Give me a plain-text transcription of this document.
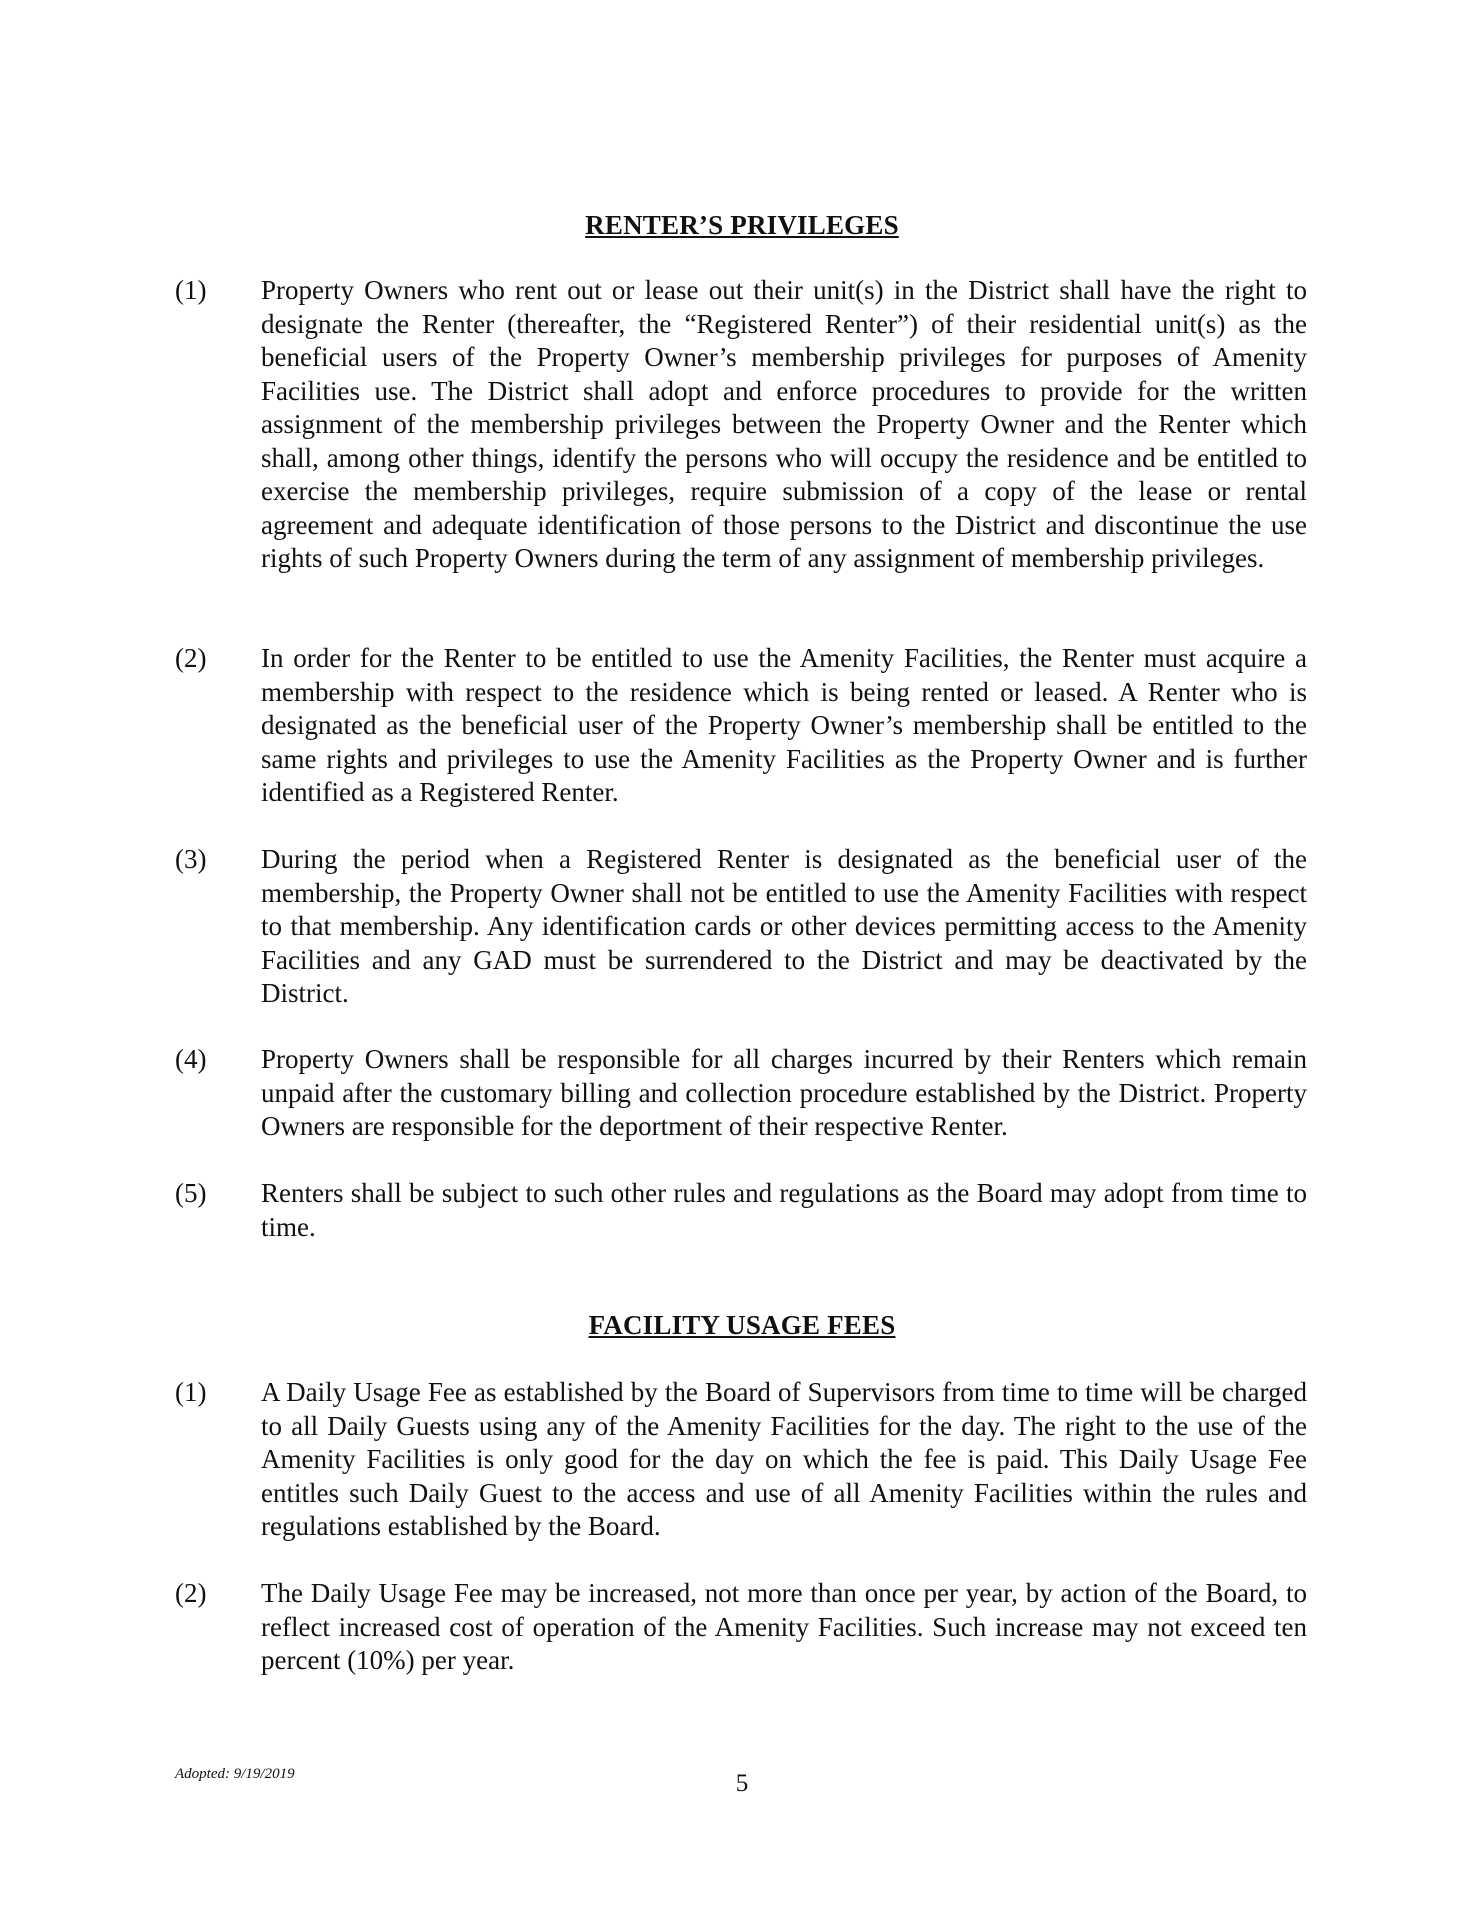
RENTER’S PRIVILEGES
(1) Property Owners who rent out or lease out their unit(s) in the District shall have the right to designate the Renter (thereafter, the “Registered Renter”) of their residential unit(s) as the beneficial users of the Property Owner’s membership privileges for purposes of Amenity Facilities use. The District shall adopt and enforce procedures to provide for the written assignment of the membership privileges between the Property Owner and the Renter which shall, among other things, identify the persons who will occupy the residence and be entitled to exercise the membership privileges, require submission of a copy of the lease or rental agreement and adequate identification of those persons to the District and discontinue the use rights of such Property Owners during the term of any assignment of membership privileges.
(2) In order for the Renter to be entitled to use the Amenity Facilities, the Renter must acquire a membership with respect to the residence which is being rented or leased. A Renter who is designated as the beneficial user of the Property Owner’s membership shall be entitled to the same rights and privileges to use the Amenity Facilities as the Property Owner and is further identified as a Registered Renter.
(3) During the period when a Registered Renter is designated as the beneficial user of the membership, the Property Owner shall not be entitled to use the Amenity Facilities with respect to that membership. Any identification cards or other devices permitting access to the Amenity Facilities and any GAD must be surrendered to the District and may be deactivated by the District.
(4) Property Owners shall be responsible for all charges incurred by their Renters which remain unpaid after the customary billing and collection procedure established by the District. Property Owners are responsible for the deportment of their respective Renter.
(5) Renters shall be subject to such other rules and regulations as the Board may adopt from time to time.
FACILITY USAGE FEES
(1) A Daily Usage Fee as established by the Board of Supervisors from time to time will be charged to all Daily Guests using any of the Amenity Facilities for the day. The right to the use of the Amenity Facilities is only good for the day on which the fee is paid. This Daily Usage Fee entitles such Daily Guest to the access and use of all Amenity Facilities within the rules and regulations established by the Board.
(2) The Daily Usage Fee may be increased, not more than once per year, by action of the Board, to reflect increased cost of operation of the Amenity Facilities. Such increase may not exceed ten percent (10%) per year.
Adopted: 9/19/2019	5
